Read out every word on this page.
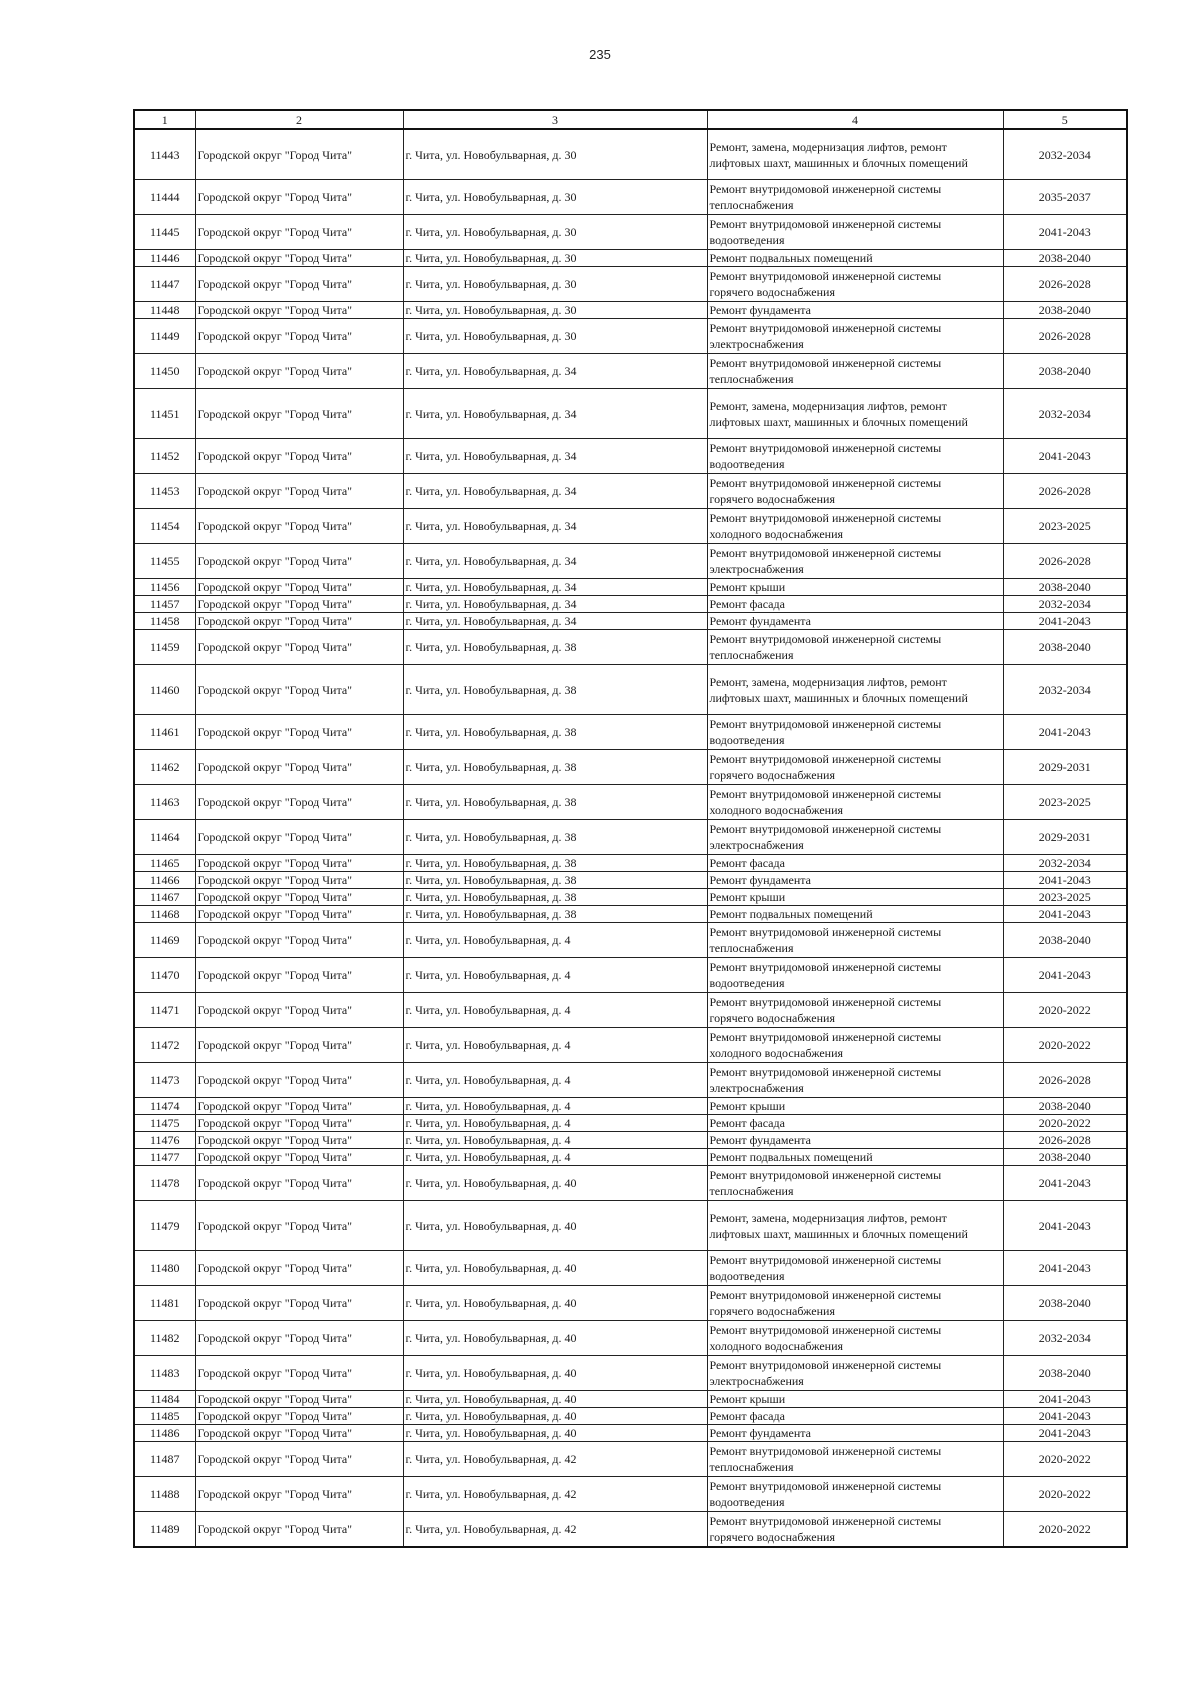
235
1	2	3	4	5
11443	Городской округ "Город Чита"	г. Чита, ул. Новобульварная, д. 30	Ремонт, замена, модернизация лифтов, ремонт
лифтовых шахт, машинных и блочных помещений	2032-2034
11444	Городской округ "Город Чита"	г. Чита, ул. Новобульварная, д. 30	Ремонт внутридомовой инженерной системы
теплоснабжения	2035-2037
11445	Городской округ "Город Чита"	г. Чита, ул. Новобульварная, д. 30	Ремонт внутридомовой инженерной системы
водоотведения	2041-2043
11446	Городской округ "Город Чита"	г. Чита, ул. Новобульварная, д. 30	Ремонт подвальных помещений	2038-2040
11447	Городской округ "Город Чита"	г. Чита, ул. Новобульварная, д. 30	Ремонт внутридомовой инженерной системы
горячего водоснабжения	2026-2028
11448	Городской округ "Город Чита"	г. Чита, ул. Новобульварная, д. 30	Ремонт фундамента	2038-2040
11449	Городской округ "Город Чита"	г. Чита, ул. Новобульварная, д. 30	Ремонт внутридомовой инженерной системы
электроснабжения	2026-2028
11450	Городской округ "Город Чита"	г. Чита, ул. Новобульварная, д. 34	Ремонт внутридомовой инженерной системы
теплоснабжения	2038-2040
11451	Городской округ "Город Чита"	г. Чита, ул. Новобульварная, д. 34	Ремонт, замена, модернизация лифтов, ремонт
лифтовых шахт, машинных и блочных помещений	2032-2034
11452	Городской округ "Город Чита"	г. Чита, ул. Новобульварная, д. 34	Ремонт внутридомовой инженерной системы
водоотведения	2041-2043
11453	Городской округ "Город Чита"	г. Чита, ул. Новобульварная, д. 34	Ремонт внутридомовой инженерной системы
горячего водоснабжения	2026-2028
11454	Городской округ "Город Чита"	г. Чита, ул. Новобульварная, д. 34	Ремонт внутридомовой инженерной системы
холодного водоснабжения	2023-2025
11455	Городской округ "Город Чита"	г. Чита, ул. Новобульварная, д. 34	Ремонт внутридомовой инженерной системы
электроснабжения	2026-2028
11456	Городской округ "Город Чита"	г. Чита, ул. Новобульварная, д. 34	Ремонт крыши	2038-2040
11457	Городской округ "Город Чита"	г. Чита, ул. Новобульварная, д. 34	Ремонт фасада	2032-2034
11458	Городской округ "Город Чита"	г. Чита, ул. Новобульварная, д. 34	Ремонт фундамента	2041-2043
11459	Городской округ "Город Чита"	г. Чита, ул. Новобульварная, д. 38	Ремонт внутридомовой инженерной системы
теплоснабжения	2038-2040
11460	Городской округ "Город Чита"	г. Чита, ул. Новобульварная, д. 38	Ремонт, замена, модернизация лифтов, ремонт
лифтовых шахт, машинных и блочных помещений	2032-2034
11461	Городской округ "Город Чита"	г. Чита, ул. Новобульварная, д. 38	Ремонт внутридомовой инженерной системы
водоотведения	2041-2043
11462	Городской округ "Город Чита"	г. Чита, ул. Новобульварная, д. 38	Ремонт внутридомовой инженерной системы
горячего водоснабжения	2029-2031
11463	Городской округ "Город Чита"	г. Чита, ул. Новобульварная, д. 38	Ремонт внутридомовой инженерной системы
холодного водоснабжения	2023-2025
11464	Городской округ "Город Чита"	г. Чита, ул. Новобульварная, д. 38	Ремонт внутридомовой инженерной системы
электроснабжения	2029-2031
11465	Городской округ "Город Чита"	г. Чита, ул. Новобульварная, д. 38	Ремонт фасада	2032-2034
11466	Городской округ "Город Чита"	г. Чита, ул. Новобульварная, д. 38	Ремонт фундамента	2041-2043
11467	Городской округ "Город Чита"	г. Чита, ул. Новобульварная, д. 38	Ремонт крыши	2023-2025
11468	Городской округ "Город Чита"	г. Чита, ул. Новобульварная, д. 38	Ремонт подвальных помещений	2041-2043
11469	Городской округ "Город Чита"	г. Чита, ул. Новобульварная, д. 4	Ремонт внутридомовой инженерной системы
теплоснабжения	2038-2040
11470	Городской округ "Город Чита"	г. Чита, ул. Новобульварная, д. 4	Ремонт внутридомовой инженерной системы
водоотведения	2041-2043
11471	Городской округ "Город Чита"	г. Чита, ул. Новобульварная, д. 4	Ремонт внутридомовой инженерной системы
горячего водоснабжения	2020-2022
11472	Городской округ "Город Чита"	г. Чита, ул. Новобульварная, д. 4	Ремонт внутридомовой инженерной системы
холодного водоснабжения	2020-2022
11473	Городской округ "Город Чита"	г. Чита, ул. Новобульварная, д. 4	Ремонт внутридомовой инженерной системы
электроснабжения	2026-2028
11474	Городской округ "Город Чита"	г. Чита, ул. Новобульварная, д. 4	Ремонт крыши	2038-2040
11475	Городской округ "Город Чита"	г. Чита, ул. Новобульварная, д. 4	Ремонт фасада	2020-2022
11476	Городской округ "Город Чита"	г. Чита, ул. Новобульварная, д. 4	Ремонт фундамента	2026-2028
11477	Городской округ "Город Чита"	г. Чита, ул. Новобульварная, д. 4	Ремонт подвальных помещений	2038-2040
11478	Городской округ "Город Чита"	г. Чита, ул. Новобульварная, д. 40	Ремонт внутридомовой инженерной системы
теплоснабжения	2041-2043
11479	Городской округ "Город Чита"	г. Чита, ул. Новобульварная, д. 40	Ремонт, замена, модернизация лифтов, ремонт
лифтовых шахт, машинных и блочных помещений	2041-2043
11480	Городской округ "Город Чита"	г. Чита, ул. Новобульварная, д. 40	Ремонт внутридомовой инженерной системы
водоотведения	2041-2043
11481	Городской округ "Город Чита"	г. Чита, ул. Новобульварная, д. 40	Ремонт внутридомовой инженерной системы
горячего водоснабжения	2038-2040
11482	Городской округ "Город Чита"	г. Чита, ул. Новобульварная, д. 40	Ремонт внутридомовой инженерной системы
холодного водоснабжения	2032-2034
11483	Городской округ "Город Чита"	г. Чита, ул. Новобульварная, д. 40	Ремонт внутридомовой инженерной системы
электроснабжения	2038-2040
11484	Городской округ "Город Чита"	г. Чита, ул. Новобульварная, д. 40	Ремонт крыши	2041-2043
11485	Городской округ "Город Чита"	г. Чита, ул. Новобульварная, д. 40	Ремонт фасада	2041-2043
11486	Городской округ "Город Чита"	г. Чита, ул. Новобульварная, д. 40	Ремонт фундамента	2041-2043
11487	Городской округ "Город Чита"	г. Чита, ул. Новобульварная, д. 42	Ремонт внутридомовой инженерной системы
теплоснабжения	2020-2022
11488	Городской округ "Город Чита"	г. Чита, ул. Новобульварная, д. 42	Ремонт внутридомовой инженерной системы
водоотведения	2020-2022
11489	Городской округ "Город Чита"	г. Чита, ул. Новобульварная, д. 42	Ремонт внутридомовой инженерной системы
горячего водоснабжения	2020-2022
